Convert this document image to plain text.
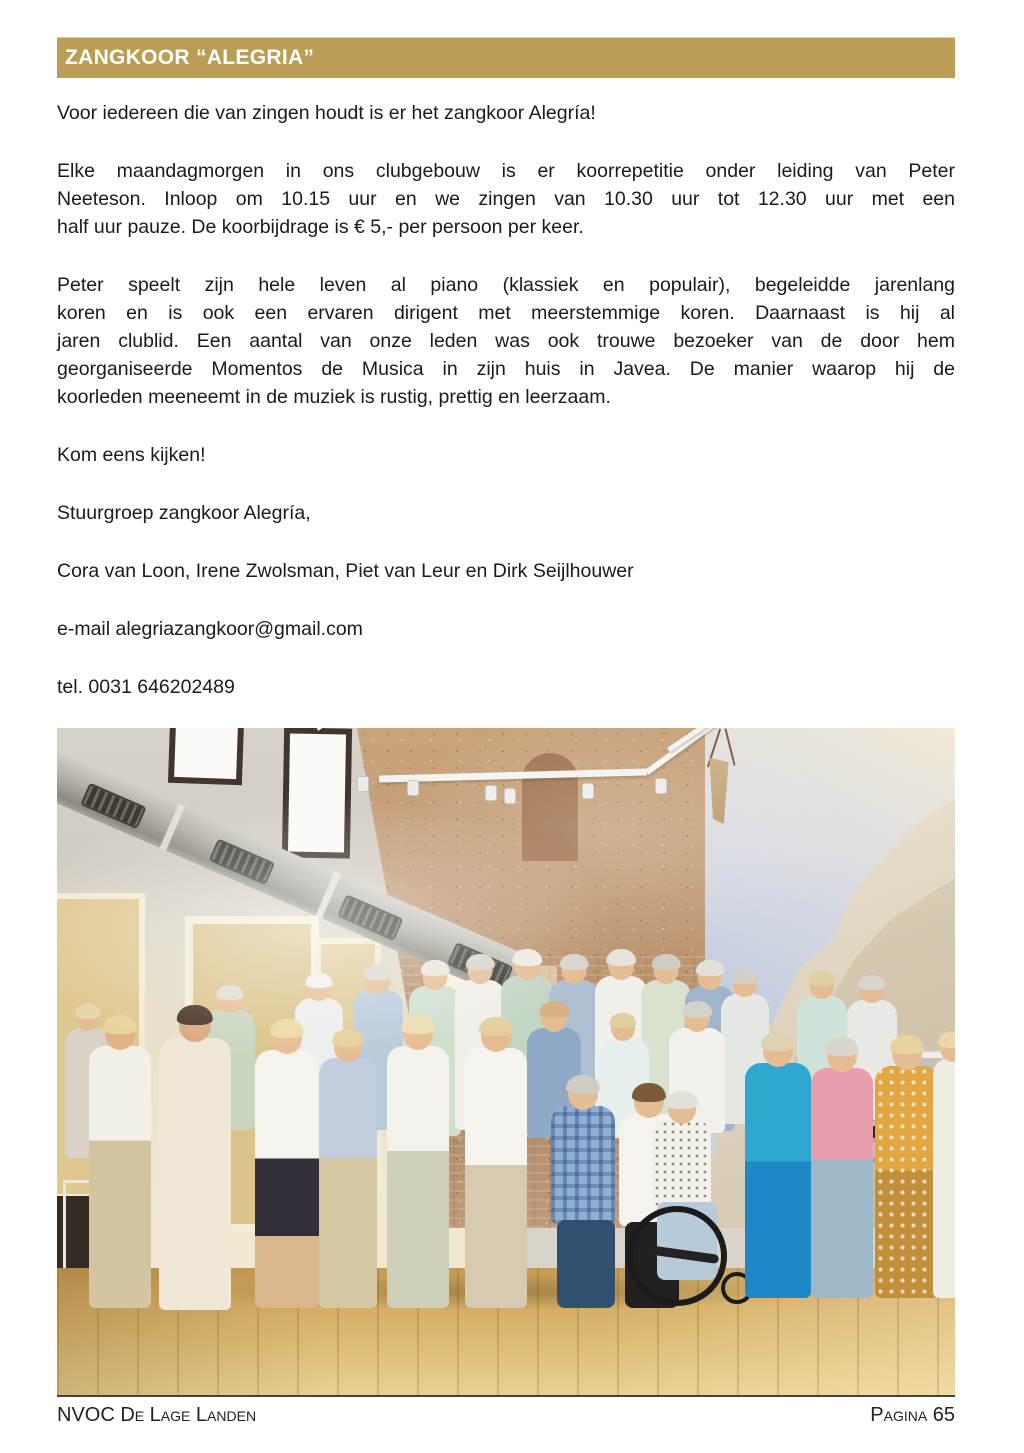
ZANGKOOR “ALEGRIA”
Voor iedereen die van zingen houdt is er het zangkoor Alegría!
Elke maandagmorgen in ons clubgebouw is er koorrepetitie onder leiding van Peter
Neeteson. Inloop om 10.15 uur en we zingen van 10.30 uur tot 12.30 uur met een
half uur pauze. De koorbijdrage is € 5,- per persoon per keer.
Peter speelt zijn hele leven al piano (klassiek en populair), begeleidde jarenlang
koren en is ook een ervaren dirigent met meerstemmige koren. Daarnaast is hij al
jaren clublid. Een aantal van onze leden was ook trouwe bezoeker van de door hem
georganiseerde Momentos de Musica in zijn huis in Javea. De manier waarop hij de
koorleden meeneemt in de muziek is rustig, prettig en leerzaam.
Kom eens kijken!
Stuurgroep zangkoor Alegría,
Cora van Loon, Irene Zwolsman, Piet van Leur en Dirk Seijlhouwer
e-mail alegriazangkoor@gmail.com
tel. 0031 646202489
NVOC De Lage Landen	Pagina 65
